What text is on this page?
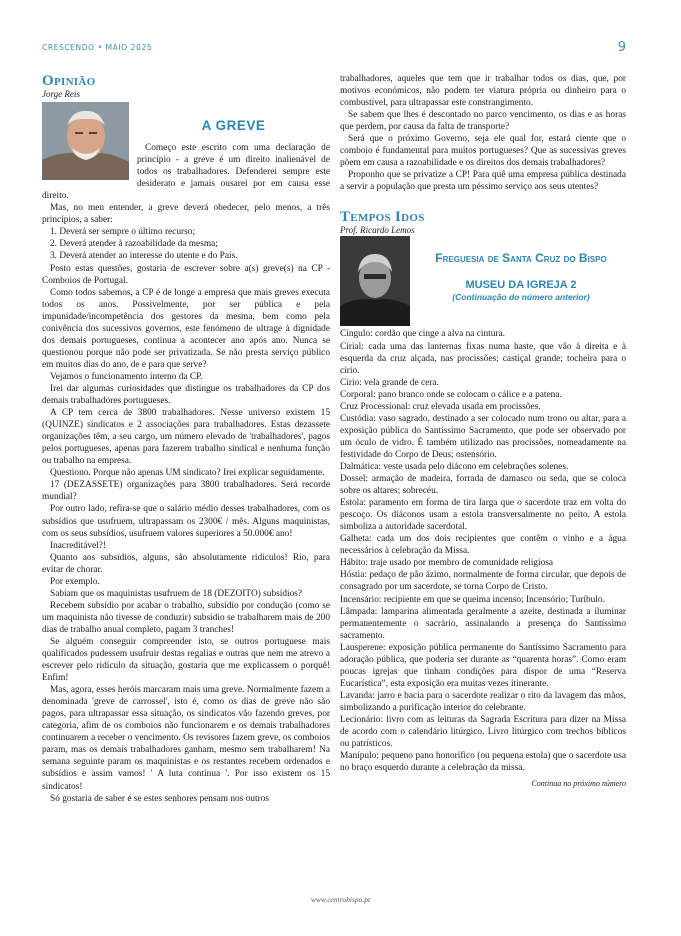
CRESCENDO • MAIO 2025	9
Opinião
Jorge Reis
A GREVE

Começo este escrito com uma declaração de princípio - a greve é um direito inalienável de todos os trabalhadores. Defenderei sempre este desiderato e jamais ousarei por em causa esse direito.

Mas, no meu entender, a greve deverá obedecer, pelo menos, a três princípios, a saber:

1. Deverá ser sempre o último recurso;
2. Deverá atender à razoabilidade da mesma;
3. Deverá atender ao interesse do utente e do País.

Posto estas questões, gostaria de escrever sobre a(s) greve(s) na CP - Comboios de Portugal.

Como todos sabemos, a CP é de longe a empresa que mais greves executa todos os anos. Possivelmente, por ser pública e pela impunidade/incompetência dos gestores da mesma, bem como pela conivência dos sucessivos governos, este fenómeno de ultrage à dignidade dos demais portugueses, continua a acontecer ano após ano. Nunca se questionou porque não pode ser privatizada. Se não presta serviço público em muitos dias do ano, de e para que serve?

Vejamos o funcionamento interno da CP.

Irei dar algumas curiosidades que distingue os trabalhadores da CP dos demais trabalhadores portugueses.

A CP tem cerca de 3800 trabalhadores. Nesse universo existem 15 (QUINZE) sindicatos e 2 associações para trabalhadores. Estas dezassete organizações têm, a seu cargo, um número elevado de 'trabalhadores', pagos pelos portugueses, apenas para fazerem trabalho sindical e nenhuma função ou trabalho na empresa.

Questiono. Porque não apenas UM sindicato? Irei explicar seguidamente.

17 (DEZASSETE) organizações para 3800 trabalhadores. Será recorde mundial?

Por outro lado, refira-se que o salário médio desses trabalhadores, com os subsídios que usufruem, ultrapassam os 2300€ / mês. Alguns maquinistas, com os seus subsídios, usufruem valores superiores a 50.000€ ano!

Inacreditável?!

Quanto aos subsídios, alguns, são absolutamente ridículos! Rio, para evitar de chorar.

Por exemplo.

Sabiam que os maquinistas usufruem de 18 (DEZOITO) subsídios?

Recebem subsídio por acabar o trabalho, subsídio por condução (como se um maquinista não tivesse de conduzir) subsídio se trabalharem mais de 200 dias de trabalho anual completo, pagam 3 tranches!

Se alguém conseguir compreender isto, se outros portuguese mais qualificados pudessem usufruir destas regalias e outras que nem me atrevo a escrever pelo ridículo da situação, gostaria que me explicassem o porquê! Enfim!

Mas, agora, esses heróis marcaram mais uma greve. Normalmente fazem a denominada 'greve de carrossel', isto é, como os dias de greve não são pagos, para ultrapassar essa situação, os sindicatos vão fazendo greves, por categoria, afim de os comboios não funcionarem e os demais trabalhadores continuarem a receber o vencimento. Os revisores fazem greve, os comboios param, mas os demais trabalhadores ganham, mesmo sem trabalharem! Na semana seguinte param os maquinistas e os restantes recebem ordenados e subsídios e assim vamos! ' A luta continua '. Por isso existem os 15 sindicatos!

Só gostaria de saber é se estes senhores pensam nos outros

trabalhadores, aqueles que tem que ir trabalhar todos os dias, que, por motivos económicos, não podem ter viatura própria ou dinheiro para o combustível, para ultrapassar este constrangimento.

Se sabem que lhes é descontado no parco vencimento, os dias e as horas que perdem, por causa da falta de transporte?

Será que o próximo Governo, seja ele qual for, estará ciente que o comboio é fundamental para muitos portugueses? Que as sucessivas greves põem em causa a razoabilidade e os direitos dos demais trabalhadores?

Proponho que se privatize a CP! Para quê uma empresa pública destinada a servir a população que presta um péssimo serviço aos seus utentes?

Tempos Idos
Prof. Ricardo Lemos
Freguesia de Santa Cruz do Bispo
MUSEU DA IGREJA 2
(Continuação do número anterior)

Cíngulo: cordão que cinge a alva na cintura.

Círial: cada uma das lanternas fixas numa haste, que vão à direita e à esquerda da cruz alçada, nas procissões; castiçal grande; tocheira para o círio.

Círio: vela grande de cera.

Corporal: pano branco onde se colocam o cálice e a patena.

Cruz Processional: cruz elevada usada em procissões.

Custódia: vaso sagrado, destinado a ser colocado num trono ou altar, para a exposição pública do Santíssimo Sacramento, que pode ser observado por um óculo de vidro. É também utilizado nas procissões, nomeadamente na festividade do Corpo de Deus; ostensório.

Dalmática: veste usada pelo diácono em celebrações solenes.

Dossel: armação de madeira, forrada de damasco ou seda, que se coloca sobre os altares; sobrecéu.

Estola: paramento em forma de tira larga que o sacerdote traz em volta do pescoço. Os diáconos usam a estola transversalmente no peito. A estola simboliza a autoridade sacerdotal.

Galheta: cada um dos dois recipientes que contêm o vinho e a água necessários à celebração da Missa.

Hábito: traje usado por membro de comunidade religiosa

Hóstia: pedaço de pão ázimo, normalmente de forma circular, que depois de consagrado por um sacerdote, se torna Corpo de Cristo.

Incensário: recipiente em que se queima incenso; Incensório; Turíbulo.

Lâmpada: lamparina alimentada geralmente a azeite, destinada a iluminar permanentemente o sacrário, assinalando a presença do Santíssimo sacramento.

Lausperene: exposição pública permanente do Santíssimo Sacramento para adoração pública, que poderia ser durante as “quarenta horas”. Como eram poucas igrejas que tinham condições para dispor de uma “Reserva Eucarística”, esta exposição era muitas vezes itinerante.

Lavanda: jarro e bacia para o sacerdote realizar o rito da lavagem das mãos, simbolizando a purificação interior do celebrante.

Lecionário: livro com as leituras da Sagrada Escritura para dizer na Missa de acordo com o calendário litúrgico. Livro litúrgico com trechos bíblicos ou patrísticos.

Manípulo: pequeno pano honorífico (ou pequena estola) que o sacerdote usa no braço esquerdo durante a celebração da missa.

Continua no próximo número
www.centrobispo.pt
